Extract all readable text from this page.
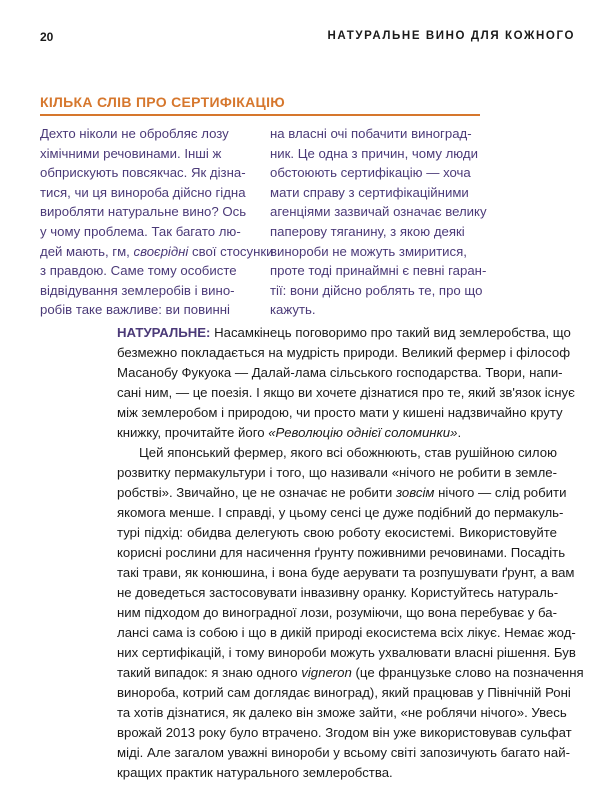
20	НАТУРАЛЬНЕ ВИНО ДЛЯ КОЖНОГО
КІЛЬКА СЛІВ ПРО СЕРТИФІКАЦІЮ
Дехто ніколи не обробляє лозу
хімічними речовинами. Інші ж
обприскують повсякчас. Як дізна-
тися, чи ця винороба дійсно гідна
виробляти натуральне вино? Ось
у чому проблема. Так багато лю-
дей мають, гм, своєрідні свої стосунки
з правдою. Саме тому особисте
відвідування землеробів і вино-
робів таке важливе: ви повинні
на власні очі побачити виноград-
ник. Це одна з причин, чому люди
обстоюють сертифікацію — хоча
мати справу з сертифікаційними
агенціями зазвичай означає велику
паперову тяганину, з якою деякі
винороби не можуть змиритися,
проте тоді принаймні є певні гаран-
тії: вони дійсно роблять те, про що
кажуть.
НАТУРАЛЬНЕ: Насамкінець поговоримо про такий вид землеробства, що
безмежно покладається на мудрість природи. Великий фермер і філософ
Масанобу Фукуока — Далай-лама сільського господарства. Твори, напи-
сані ним, — це поезія. І якщо ви хочете дізнатися про те, який зв'язок існує
між землеробом і природою, чи просто мати у кишені надзвичайно круту
книжку, прочитайте його «Революцію однієї соломинки».
Цей японський фермер, якого всі обожнюють, став рушійною силою
розвитку пермакультури і того, що називали «нічого не робити в земле-
робстві». Звичайно, це не означає не робити зовсім нічого — слід робити
якомога менше. І справді, у цьому сенсі це дуже подібний до пермакуль-
турі підхід: обидва делегують свою роботу екосистемі. Використовуйте
корисні рослини для насичення ґрунту поживними речовинами. Посадіть
такі трави, як конюшина, і вона буде аерувати та розпушувати ґрунт, а вам
не доведеться застосовувати інвазивну оранку. Користуйтесь натураль-
ним підходом до виноградної лози, розуміючи, що вона перебуває у ба-
лансі сама із собою і що в дикій природі екосистема всіх лікує. Немає жод-
них сертифікацій, і тому винороби можуть ухвалювати власні рішення. Був
такий випадок: я знаю одного vigneron (це французьке слово на позначення
винороба, котрий сам доглядає виноград), який працював у Північній Роні
та хотів дізнатися, як далеко він зможе зайти, «не роблячи нічого». Увесь
врожай 2013 року було втрачено. Згодом він уже використовував сульфат
міді. Але загалом уважні винороби у всьому світі запозичують багато най-
кращих практик натурального землеробства.
